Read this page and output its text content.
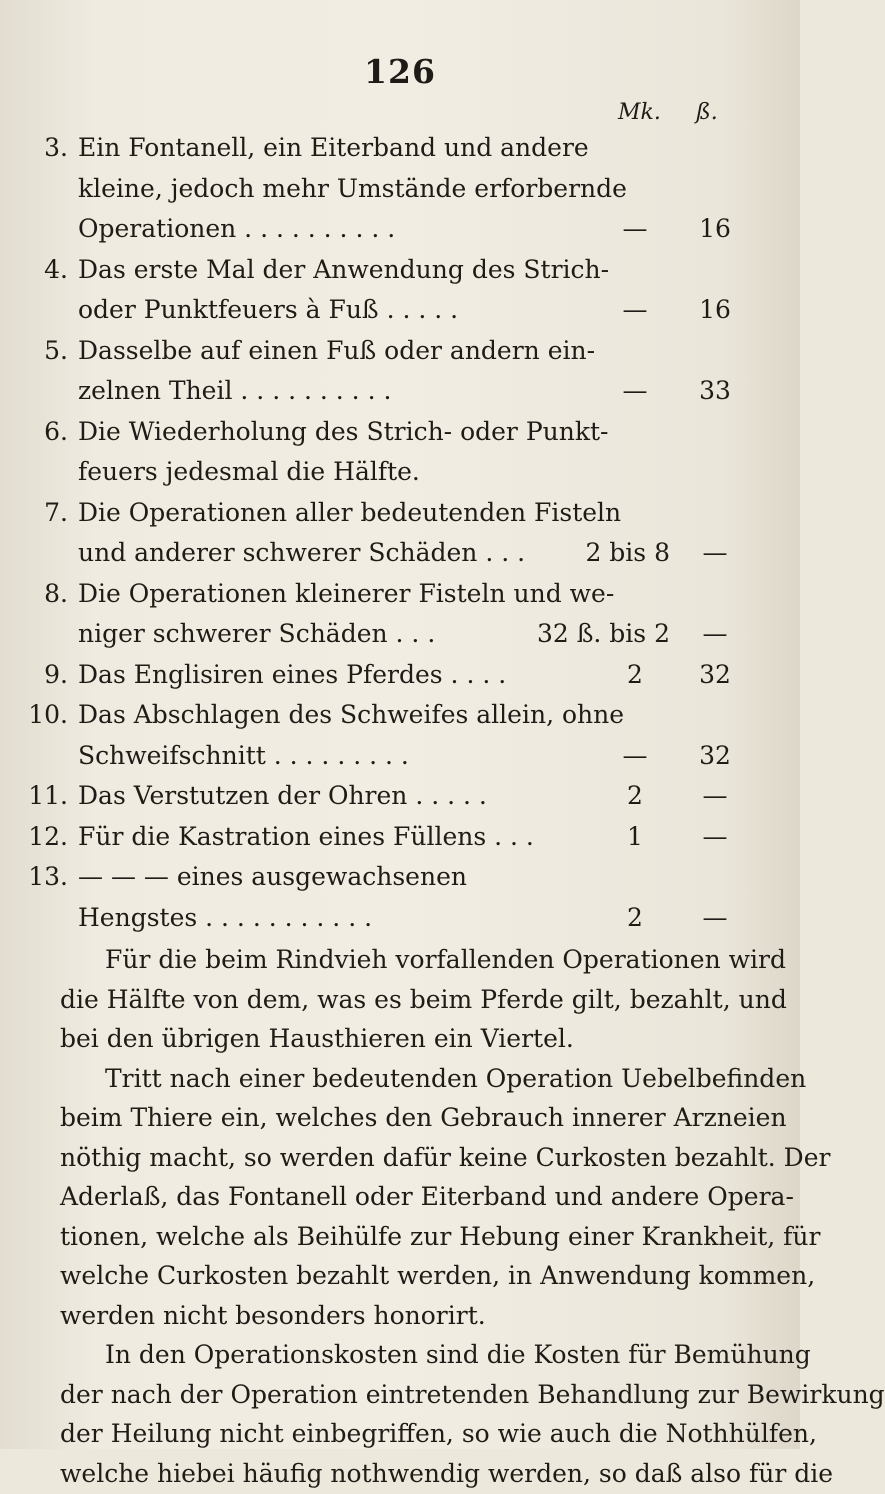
126
Mk. ß.
3. Ein Fontanell, ein Eiterband und andere
kleine, jedoch mehr Umstände erforbernde
Operationen . . . . . . . . . .	—	16
4. Das erste Mal der Anwendung des Strich-
oder Punktfeuers à Fuß . . . . .	—	16
5. Dasselbe auf einen Fuß oder andern ein-
zelnen Theil . . . . . . . . . .	—	33
6. Die Wiederholung des Strich- oder Punkt-
feuers jedesmal die Hälfte.
7. Die Operationen aller bedeutenden Fisteln
und anderer schwerer Schäden . . .	2 bis 8	—
8. Die Operationen kleinerer Fisteln und we-
niger schwerer Schäden . . .	32 ß. bis 2	—
9. Das Englisiren eines Pferdes . . . .	2	32
10. Das Abschlagen des Schweifes allein, ohne
Schweifschnitt . . . . . . . . .	—	32
11. Das Verstutzen der Ohren . . . . .	2	—
12. Für die Kastration eines Füllens . . .	1	—
13. — — — eines ausgewachsenen
Hengstes . . . . . . . . . . .	2	—
Für die beim Rindvieh vorfallenden Operationen wird
die Hälfte von dem, was es beim Pferde gilt, bezahlt, und
bei den übrigen Hausthieren ein Viertel.
Tritt nach einer bedeutenden Operation Uebelbefinden
beim Thiere ein, welches den Gebrauch innerer Arzneien
nöthig macht, so werden dafür keine Curkosten bezahlt. Der
Aderlaß, das Fontanell oder Eiterband und andere Opera-
tionen, welche als Beihülfe zur Hebung einer Krankheit, für
welche Curkosten bezahlt werden, in Anwendung kommen,
werden nicht besonders honorirt.
In den Operationskosten sind die Kosten für Bemühung
der nach der Operation eintretenden Behandlung zur Bewirkung
der Heilung nicht einbegriffen, so wie auch die Nothhülfen,
welche hiebei häufig nothwendig werden, so daß also für die
